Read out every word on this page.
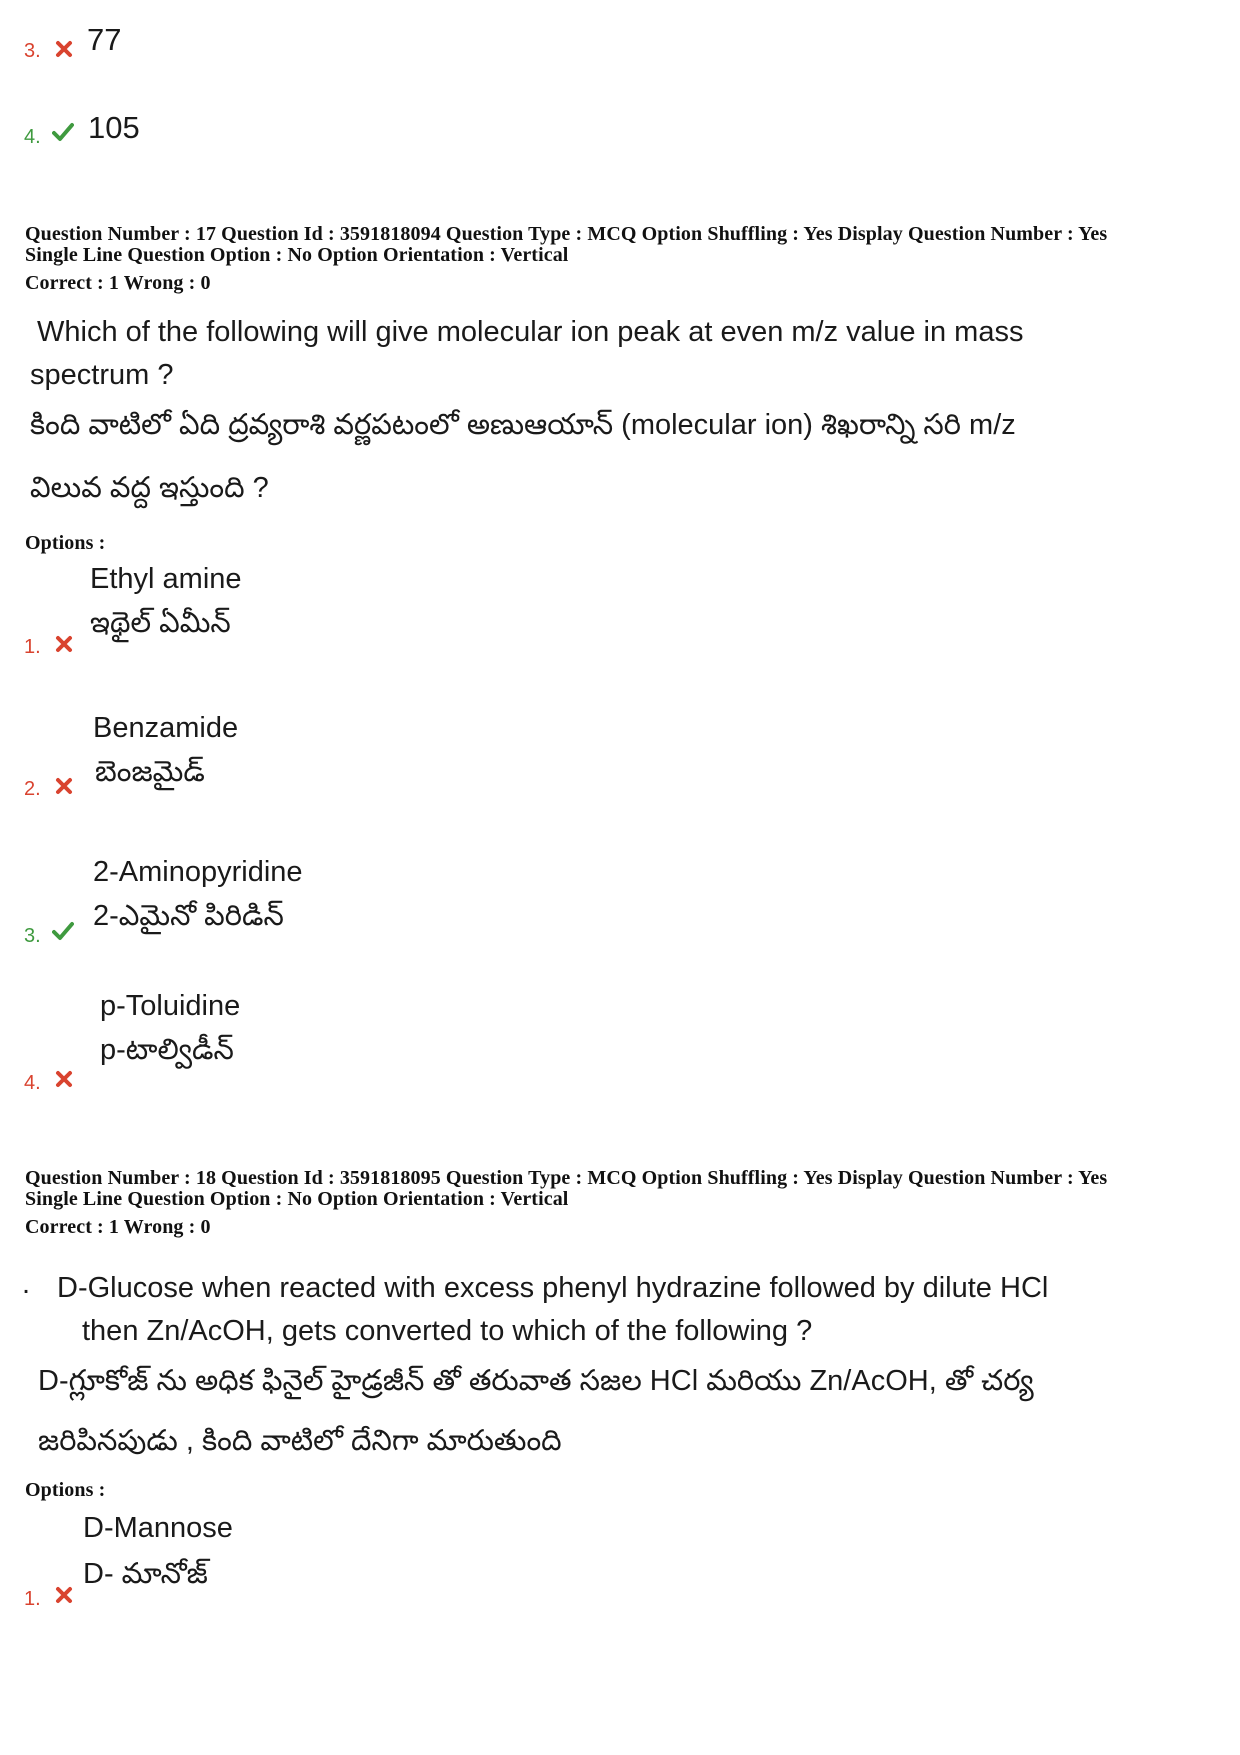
3. 77
4. 105
Question Number : 17 Question Id : 3591818094 Question Type : MCQ Option Shuffling : Yes Display Question Number : Yes
Single Line Question Option : No Option Orientation : Vertical
Correct : 1 Wrong : 0
Which of the following will give molecular ion peak at even m/z value in mass
spectrum ?
కింది వాటిలో ఏది ద్రవ్యరాశి వర్ణపటంలో అణుఆయాన్ (molecular ion) శిఖరాన్ని సరి m/z
విలువ వద్ద ఇస్తుంది ?
Options :
Ethyl amine
ఇథైల్ ఏమీన్
1.
Benzamide
బెంజమైడ్
2.
2-Aminopyridine
2-ఎమైనో పిరిడిన్
3.
p-Toluidine
p-టాల్విడీన్
4.
Question Number : 18 Question Id : 3591818095 Question Type : MCQ Option Shuffling : Yes Display Question Number : Yes
Single Line Question Option : No Option Orientation : Vertical
Correct : 1 Wrong : 0
. D-Glucose when reacted with excess phenyl hydrazine followed by dilute HCl
then Zn/AcOH, gets converted to which of the following ?
D-గ్లూకోజ్ ను అధిక ఫినైల్ హైడ్రజీన్ తో తరువాత సజల HCl మరియు Zn/AcOH, తో చర్య
జరిపినపుడు , కింది వాటిలో దేనిగా మారుతుంది
Options :
D-Mannose
D- మానోజ్
1.
